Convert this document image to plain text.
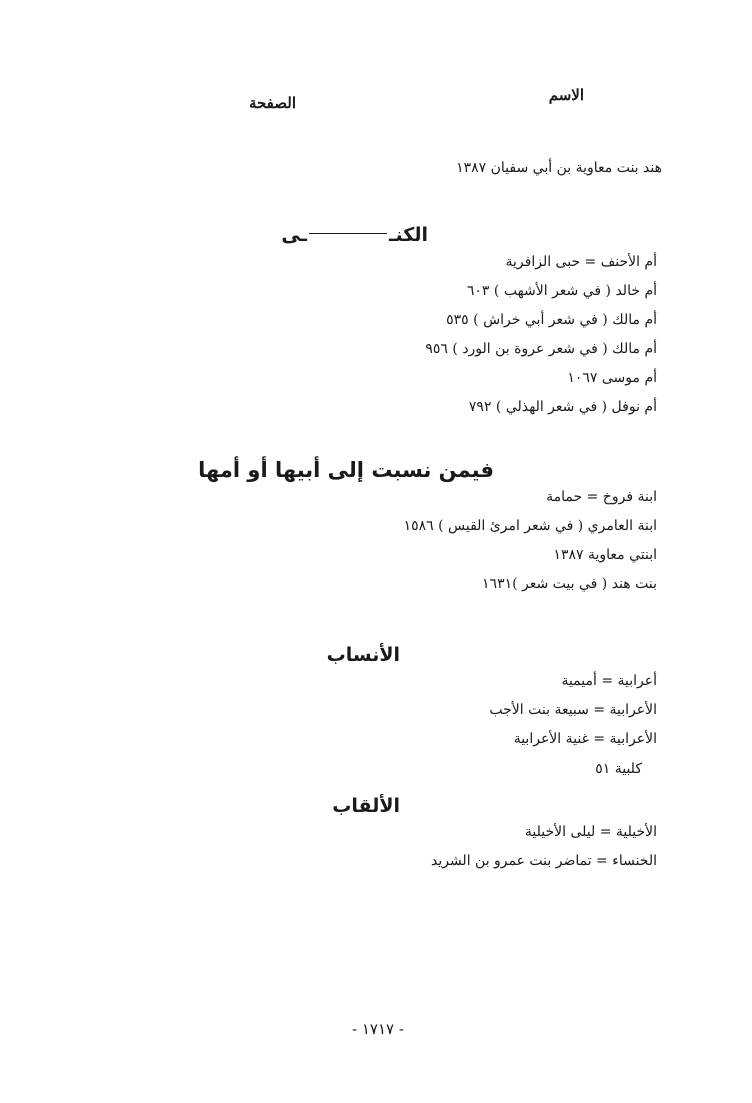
الاسم
الصفحة
هند بنت معاوية بن أبي سفيان ١٣٨٧
الكنــى
أم الأحنف = حبى الزافرية
أم خالد ( في شعر الأشهب ) ٦٠٣
أم مالك ( في شعر أبي خراش ) ٥٣٥
أم مالك ( في شعر عروة بن الورد ) ٩٥٦
أم موسى ١٠٦٧
أم نوفل ( في شعر الهذلي ) ٧٩٢
فيمن نسبت إلى أبيها أو أمها
ابنة فروخ = حمامة
ابنة العامري ( في شعر امرئ القيس ) ١٥٨٦
ابنتي معاوية ١٣٨٧
بنت هند ( في بيت شعر )١٦٣١
الأنساب
أعرابية = أميمية
الأعرابية = سبيعة بنت الأجب
الأعرابية = غنية الأعرابية
كلبية ٥١
الألقاب
الأخيلية = ليلى الأخيلية
الخنساء = تماضر بنت عمرو بن الشريد
- ١٧١٧ -
